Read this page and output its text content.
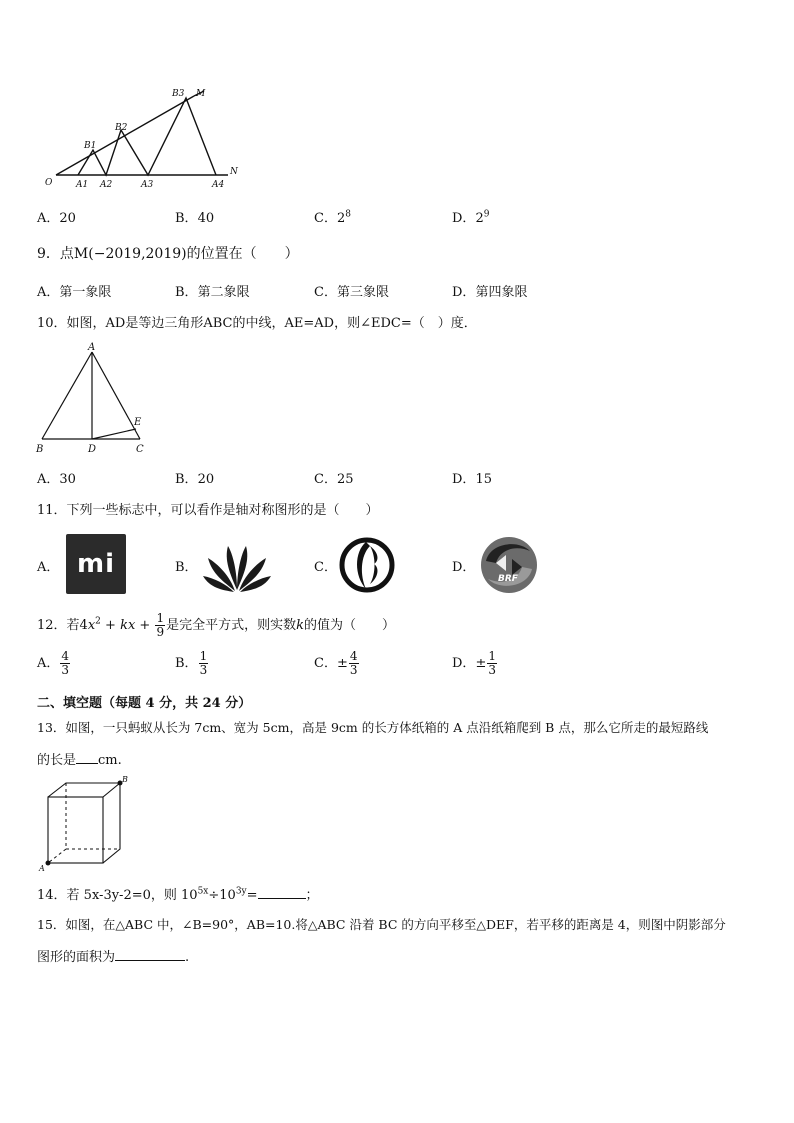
B3 M
B2
B1
O	A1 A2	A3	A4
N
A．20	B．40	C．$2^8$	D．$2^9$
9．点M(−2019,2019)的位置在（　　）
A．第一象限	B．第二象限	C．第三象限	D．第四象限
10．如图，AD是等边三角形ABC的中线，AE=AD，则∠EDC=（　）度．
A
B	D	C
E
A．30	B．20	C．25	D．15
11．下列一些标志中，可以看作是轴对称图形的是（　　）
A． mi	B．	C．	D．
BRF
12．若$4x^2$ + kx + $\frac{1}{9}$ 是完全平方式，则实数k的值为（　　）
A． $\frac{4}{3}$	B． $\frac{1}{3}$	C．± $\frac{4}{3}$	D．± $\frac{1}{3}$
二、填空题（每题 4 分，共 24 分）
13．如图，一只蚂蚁从长为 7cm、宽为 5cm，高是 9cm 的长方体纸箱的 A 点沿纸箱爬到 B 点，那么它所走的最短路线
的长是 cm.
B
A
14．若 5x-3y-2=0，则 $10^{5x}\div 10^{3y}=$	；
15．如图，在△ABC 中，∠B=90°，AB=10.将△ABC 沿着 BC 的方向平移至△DEF，若平移的距离是 4，则图中阴影部分
图形的面积为	.
